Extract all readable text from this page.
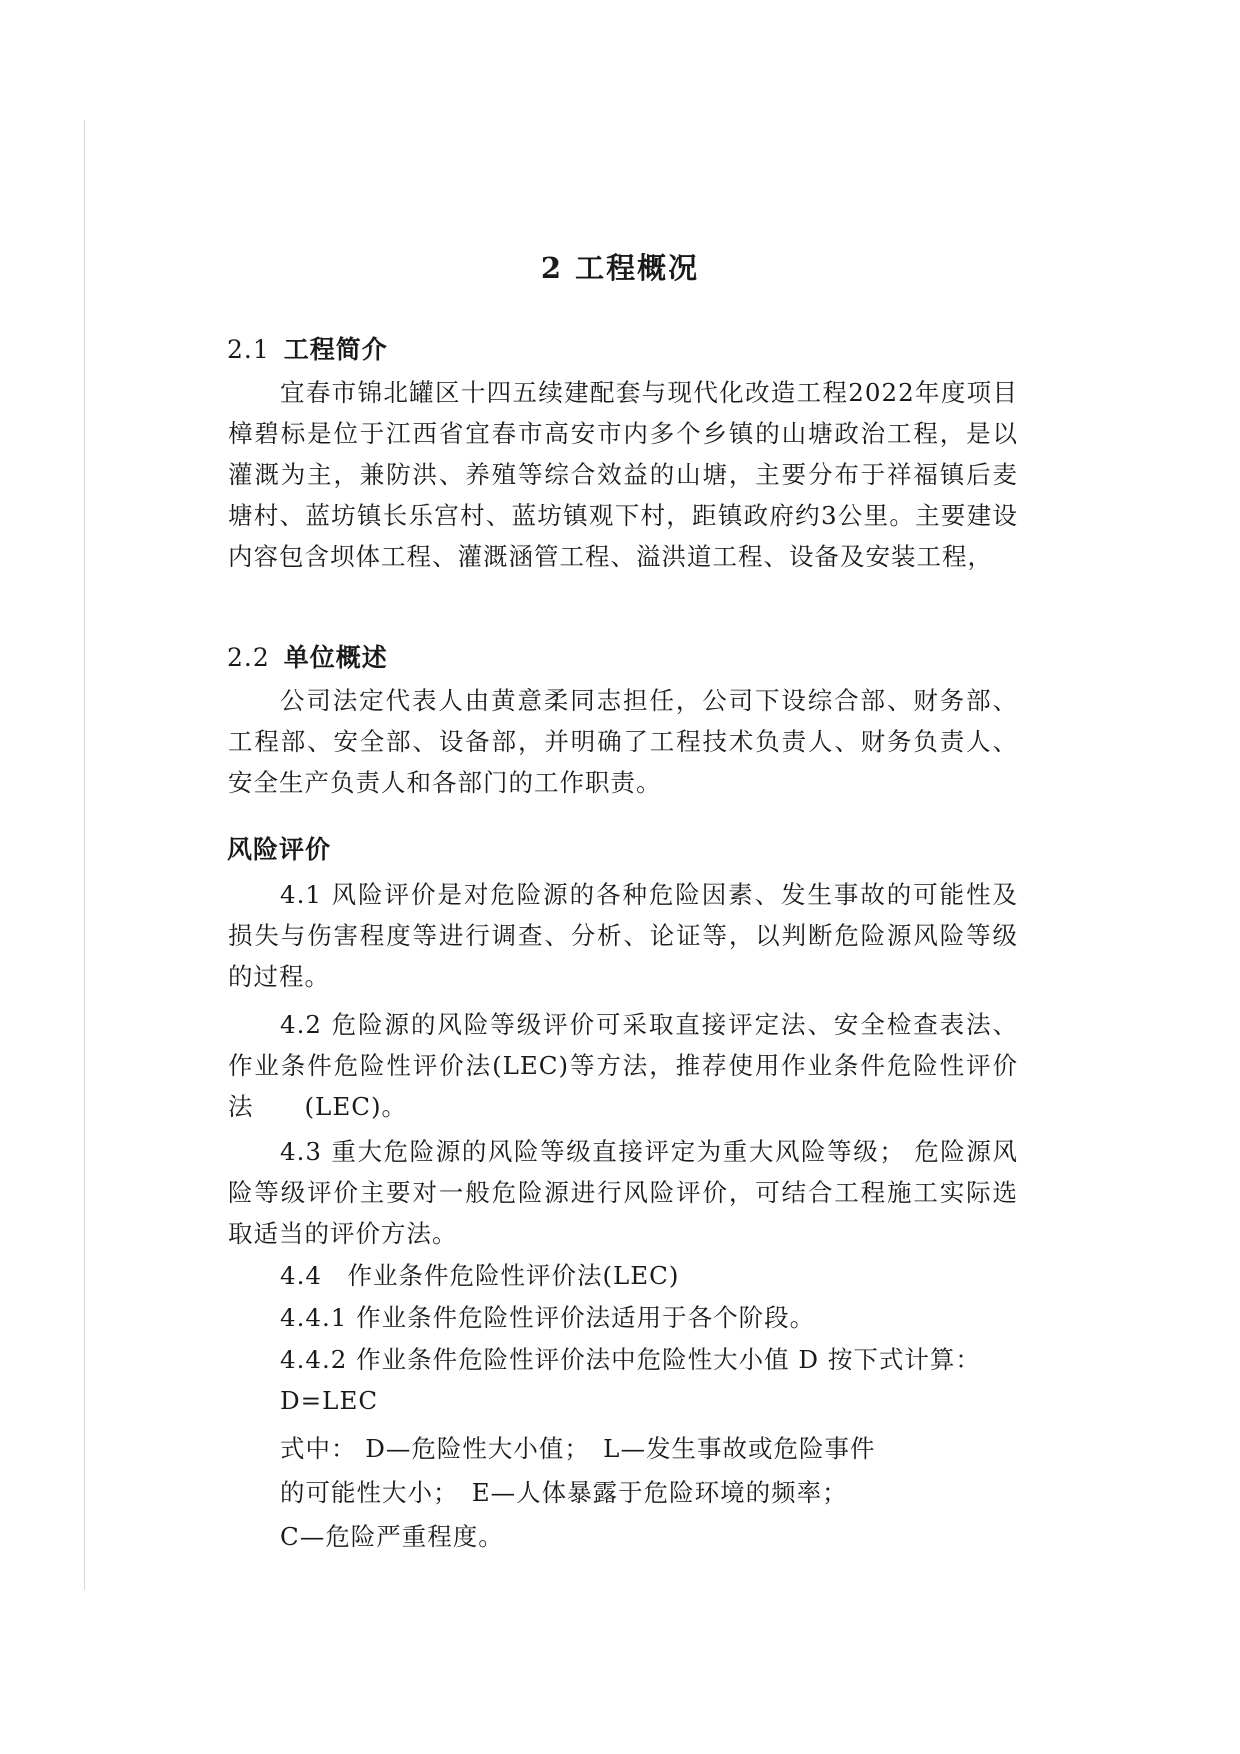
2 工程概况
2.1 工程简介
宜春市锦北罐区十四五续建配套与现代化改造工程2022年度项目樟碧标是位于江西省宜春市高安市内多个乡镇的山塘政治工程，是以灌溉为主，兼防洪、养殖等综合效益的山塘，主要分布于祥福镇后麦塘村、蓝坊镇长乐宫村、蓝坊镇观下村，距镇政府约3公里。主要建设内容包含坝体工程、灌溉涵管工程、溢洪道工程、设备及安装工程，
2.2 单位概述
公司法定代表人由黄意柔同志担任，公司下设综合部、财务部、工程部、安全部、设备部，并明确了工程技术负责人、财务负责人、安全生产负责人和各部门的工作职责。
风险评价
4.1 风险评价是对危险源的各种危险因素、发生事故的可能性及损失与伤害程度等进行调查、分析、论证等，以判断危险源风险等级的过程。
4.2 危险源的风险等级评价可采取直接评定法、安全检查表法、作业条件危险性评价法(LEC)等方法，推荐使用作业条件危险性评价法　　(LEC)。
4.3 重大危险源的风险等级直接评定为重大风险等级； 危险源风险等级评价主要对一般危险源进行风险评价，可结合工程施工实际选取适当的评价方法。
4.4　作业条件危险性评价法(LEC)
4.4.1 作业条件危险性评价法适用于各个阶段。
4.4.2 作业条件危险性评价法中危险性大小值 D 按下式计算：
D=LEC
式中： D—危险性大小值；　L—发生事故或危险事件
的可能性大小；　E—人体暴露于危险环境的频率；
C—危险严重程度。
